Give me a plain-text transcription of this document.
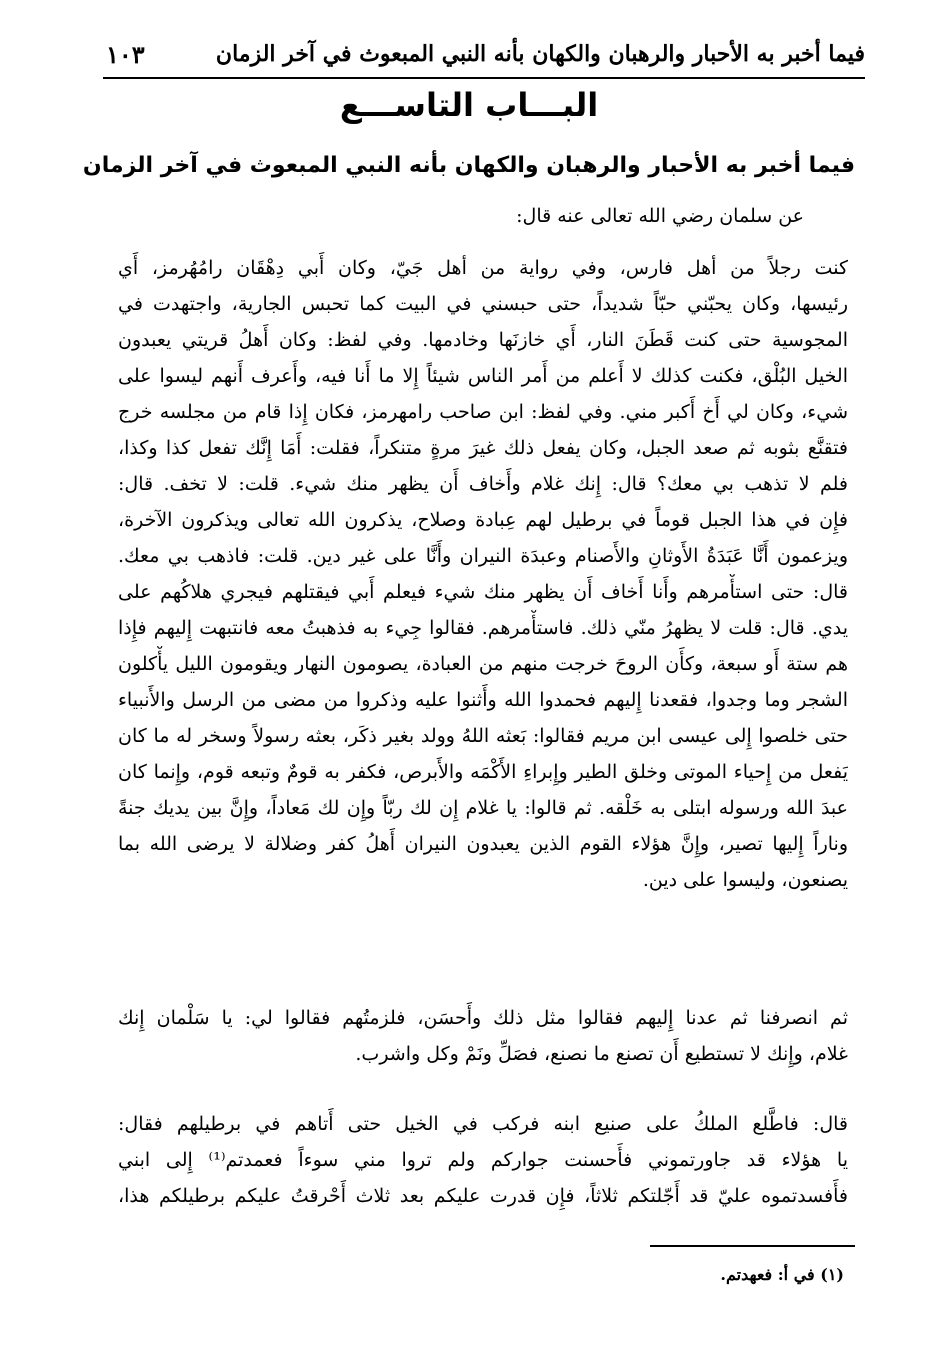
فيما أخبر به الأحبار والرهبان والكهان بأنه النبي المبعوث في آخر الزمان
١٠٣
البـــاب التاســـع
فيما أخبر به الأحبار والرهبان والكهان بأنه النبي المبعوث في آخر الزمان
عن سلمان رضي الله تعالى عنه قال:
كنت رجلاً من أهل فارس، وفي رواية من أهل جَيّ، وكان أَبي دِهْقَان رامُهُرمز، أَي
رئيسها، وكان يحبّني حبّاً شديداً، حتى حبسني في البيت كما تحبس الجارية، واجتهدت في
المجوسية حتى كنت قَطَنَ النار، أَي خازنَها وخادمها. وفي لفظ: وكان أَهلُ قريتي يعبدون
الخيل البُلْق، فكنت كذلك لا أَعلم من أَمر الناس شيئاً إِلا ما أَنا فيه، وأَعرف أَنهم ليسوا على
شيء، وكان لي أَخ أَكبر مني. وفي لفظ: ابن صاحب رامهرمز، فكان إِذا قام من مجلسه خرج
فتقنَّع بثوبه ثم صعد الجبل، وكان يفعل ذلك غيرَ مرةٍ متنكراً، فقلت: أَمَا إِنَّك تفعل كذا وكذا،
فلم لا تذهب بي معك؟ قال: إِنك غلام وأَخاف أَن يظهر منك شيء. قلت: لا تخف. قال:
فإِن في هذا الجبل قوماً في برطيل لهم عِبادة وصلاح، يذكرون الله تعالى ويذكرون الآخرة،
ويزعمون أَنَّا عَبَدَةُ الأَوثانِ والأَصنام وعبدَة النيران وأَنَّا على غير دين. قلت: فاذهب بي معك.
قال: حتى استأْمرهم وأَنا أَخاف أَن يظهر منك شيء فيعلم أَبي فيقتلهم فيجري هلاكُهم على
يدي. قال: قلت لا يظهرُ منّي ذلك. فاستأْمرهم. فقالوا جِيء به فذهبتُ معه فانتبهت إِليهم فإِذا
هم ستة أَو سبعة، وكأَن الروحَ خرجت منهم من العبادة، يصومون النهار ويقومون الليل يأْكلون
الشجر وما وجدوا، فقعدنا إِليهم فحمدوا الله وأَثنوا عليه وذكروا من مضى من الرسل والأَنبياء
حتى خلصوا إِلى عيسى ابن مريم فقالوا: بَعثه اللهُ وولد بغير ذكَر، بعثه رسولاً وسخر له ما كان
يَفعل من إِحياء الموتى وخلق الطير وإِبراءِ الأَكْمَه والأَبرص، فكفر به قومٌ وتبعه قوم، وإِنما كان
عبدَ الله ورسوله ابتلى به خَلْقه. ثم قالوا: يا غلام إِن لك ربّاً وإِن لك مَعاداً، وإِنَّ بين يديك جنةً
وناراً إِليها تصير، وإِنَّ هؤلاء القوم الذين يعبدون النيران أَهلُ كفر وضلالة لا يرضى الله بما
يصنعون، وليسوا على دين.
ثم انصرفنا ثم عدنا إِليهم فقالوا مثل ذلك وأَحسَن، فلزمتُهم فقالوا لي: يا سَلْمان إِنك
غلام، وإِنك لا تستطيع أَن تصنع ما نصنع، فصَلِّ ونَمْ وكل واشرب.
قال: فاطَّلع الملكُ على صنيع ابنه فركب في الخيل حتى أَتاهم في برطيلهم فقال:
يا هؤلاء قد جاورتموني فأَحسنت جواركم ولم تروا مني سوءاً فعمدتم⁽¹⁾ إِلى ابني
فأَفسدتموه عليّ قد أَجّلتكم ثلاثاً، فإِن قدرت عليكم بعد ثلاث أَحْرقتُ عليكم برطيلكم هذا،
(١) في أ: فعهدتم.
